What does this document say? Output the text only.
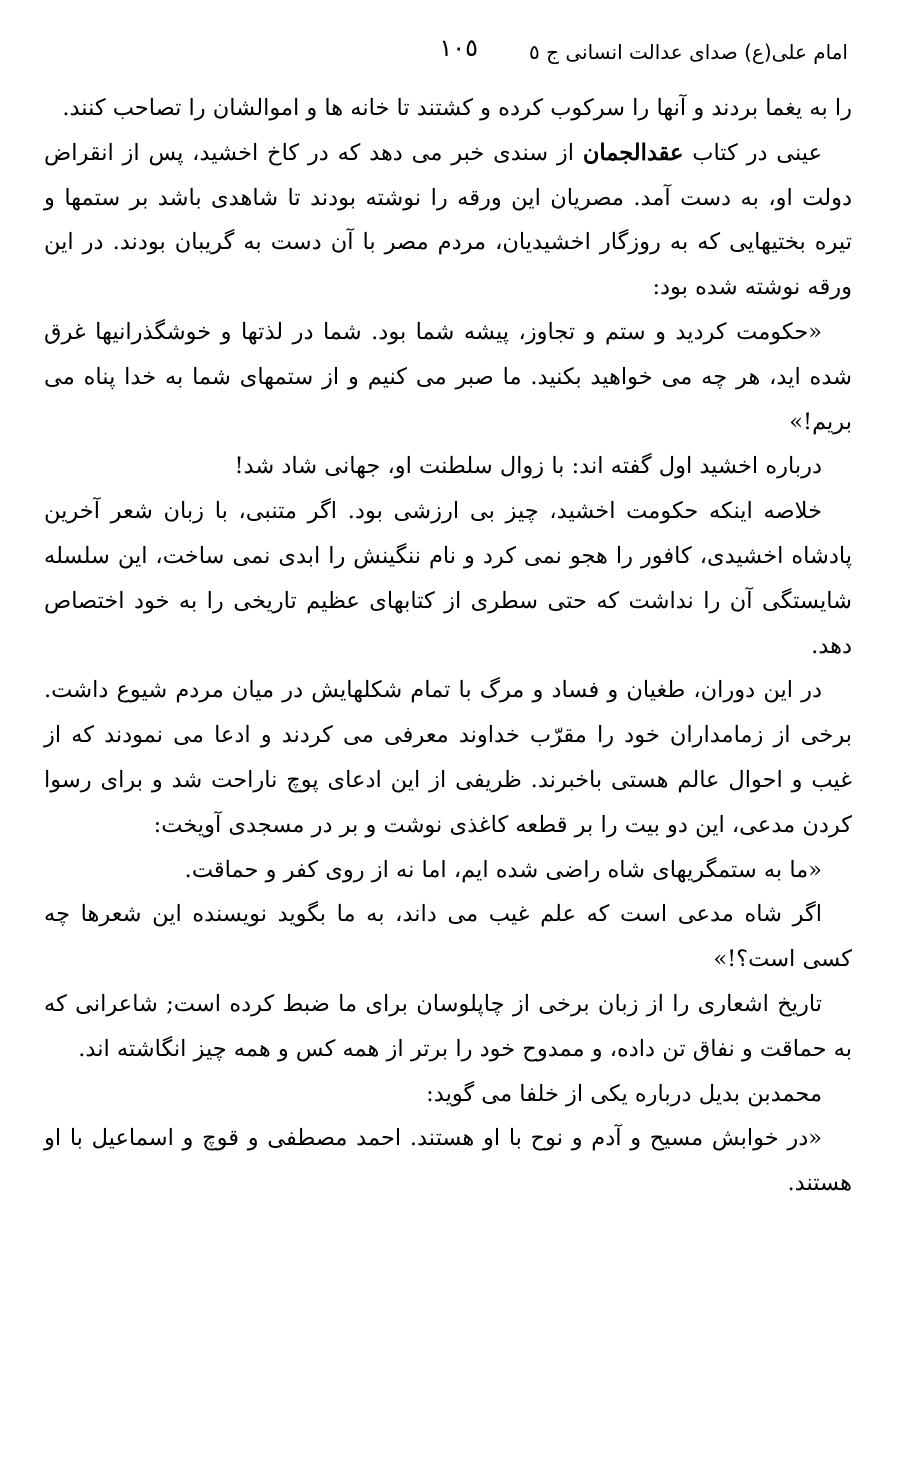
امام علی(ع) صدای عدالت انسانی ج ٥
١٠٥

را به یغما بردند و آنها را سرکوب کرده و کشتند تا خانه ها و اموالشان را تصاحب کنند.

عینی در کتاب عقدالجمان از سندی خبر می دهد که در کاخ اخشید، پس از انقراض دولت او، به دست آمد. مصریان این ورقه را نوشته بودند تا شاهدی باشد بر ستمها و تیره بختیهایی که به روزگار اخشیدیان، مردم مصر با آن دست به گریبان بودند. در این ورقه نوشته شده بود:

«حکومت کردید و ستم و تجاوز، پیشه شما بود. شما در لذتها و خوشگذرانیها غرق شده اید، هر چه می خواهید بکنید. ما صبر می کنیم و از ستمهای شما به خدا پناه می بریم!»

درباره اخشید اول گفته اند: با زوال سلطنت او، جهانی شاد شد!

خلاصه اینکه حکومت اخشید، چیز بی ارزشی بود. اگر متنبی، با زبان شعر آخرین پادشاه اخشیدی، کافور را هجو نمی کرد و نام ننگینش را ابدی نمی ساخت، این سلسله شایستگی آن را نداشت که حتی سطری از کتابهای عظیم تاریخی را به خود اختصاص دهد.

در این دوران، طغیان و فساد و مرگ با تمام شکلهایش در میان مردم شیوع داشت. برخی از زمامداران خود را مقرّب خداوند معرفی می کردند و ادعا می نمودند که از غیب و احوال عالم هستی باخبرند. ظریفی از این ادعای پوچ ناراحت شد و برای رسوا کردن مدعی، این دو بیت را بر قطعه کاغذی نوشت و بر در مسجدی آویخت:

«ما به ستمگریهای شاه راضی شده ایم، اما نه از روی کفر و حماقت.

اگر شاه مدعی است که علم غیب می داند، به ما بگوید نویسنده این شعرها چه کسی است؟!»

تاریخ اشعاری را از زبان برخی از چاپلوسان برای ما ضبط کرده است; شاعرانی که به حماقت و نفاق تن داده، و ممدوح خود را برتر از همه کس و همه چیز انگاشته اند.

محمدبن بدیل درباره یکی از خلفا می گوید:

«در خوابش مسیح و آدم و نوح با او هستند. احمد مصطفی و قوچ و اسماعیل با او هستند.
